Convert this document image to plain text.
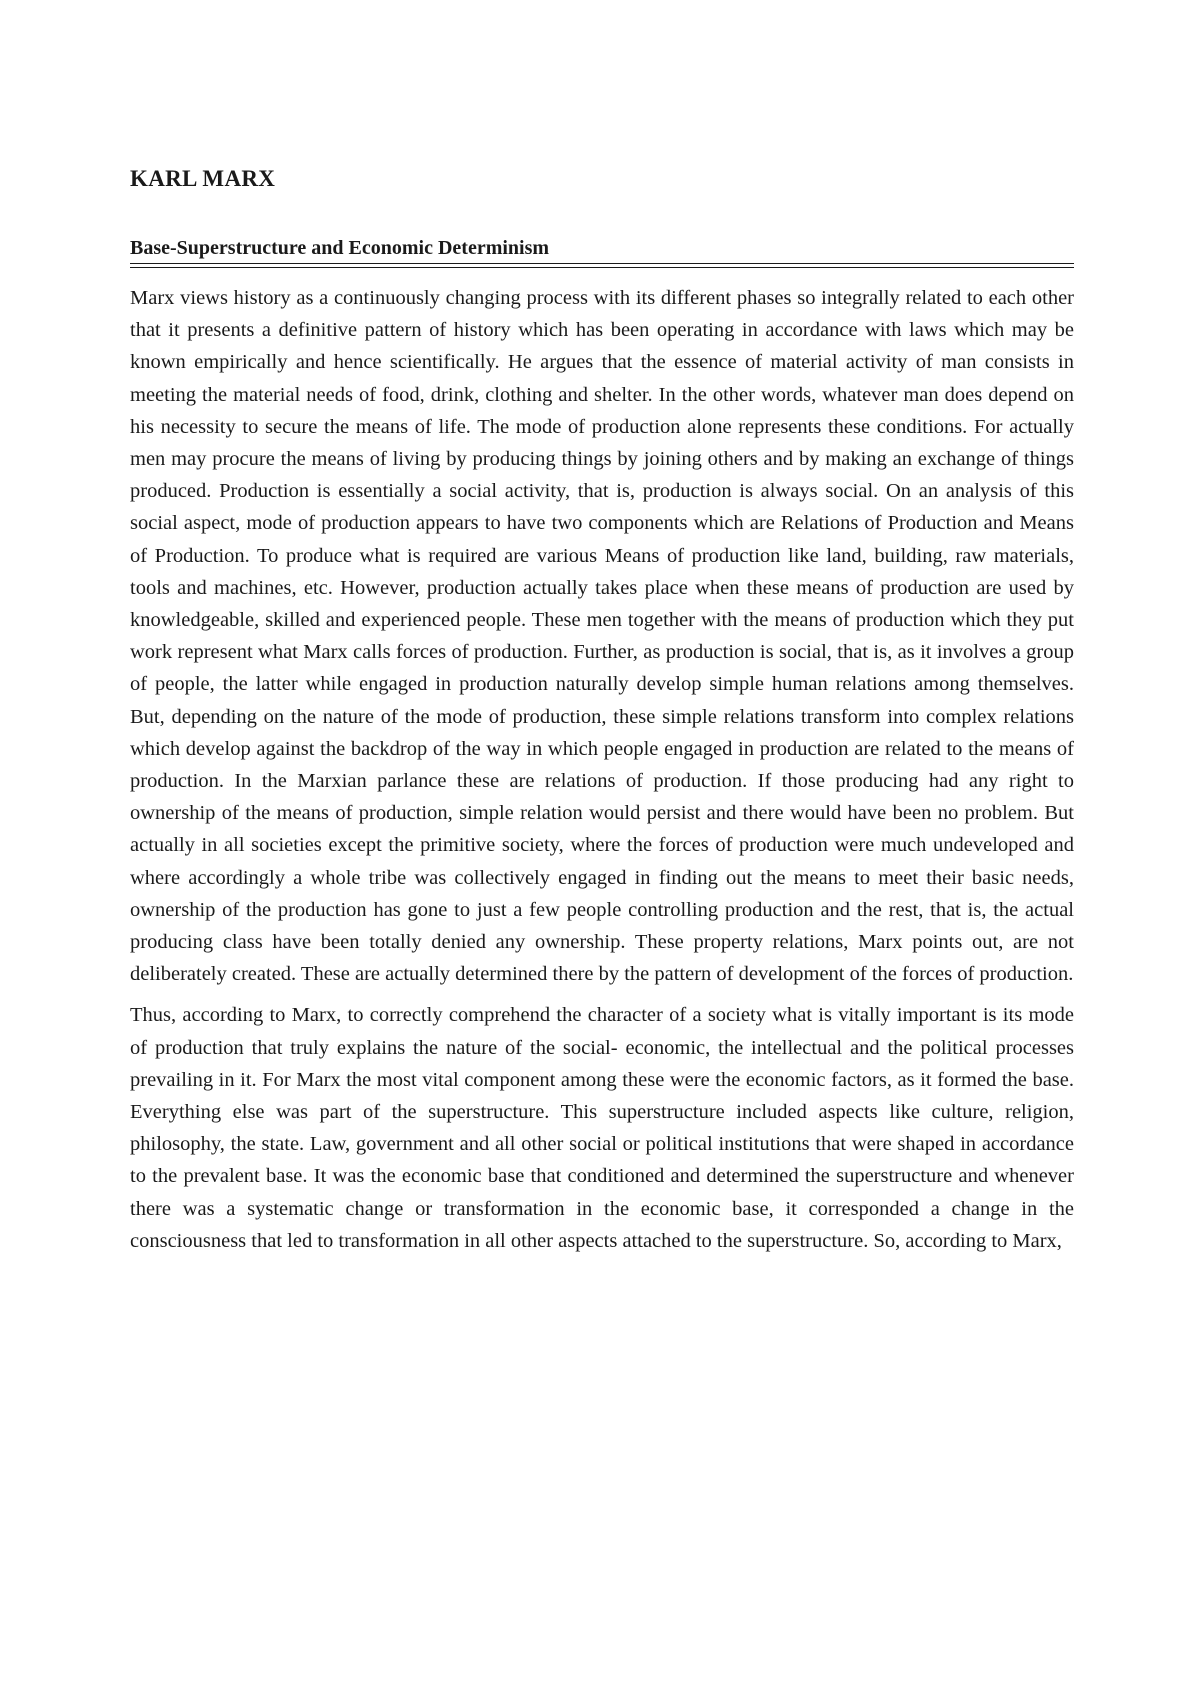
KARL MARX
Base-Superstructure and Economic Determinism

Marx views history as a continuously changing process with its different phases so integrally related to each other that it presents a definitive pattern of history which has been operating in accordance with laws which may be known empirically and hence scientifically. He argues that the essence of material activity of man consists in meeting the material needs of food, drink, clothing and shelter. In the other words, whatever man does depend on his necessity to secure the means of life. The mode of production alone represents these conditions. For actually men may procure the means of living by producing things by joining others and by making an exchange of things produced. Production is essentially a social activity, that is, production is always social. On an analysis of this social aspect, mode of production appears to have two components which are Relations of Production and Means of Production. To produce what is required are various Means of production like land, building, raw materials, tools and machines, etc. However, production actually takes place when these means of production are used by knowledgeable, skilled and experienced people. These men together with the means of production which they put work represent what Marx calls forces of production. Further, as production is social, that is, as it involves a group of people, the latter while engaged in production naturally develop simple human relations among themselves. But, depending on the nature of the mode of production, these simple relations transform into complex relations which develop against the backdrop of the way in which people engaged in production are related to the means of production. In the Marxian parlance these are relations of production. If those producing had any right to ownership of the means of production, simple relation would persist and there would have been no problem. But actually in all societies except the primitive society, where the forces of production were much undeveloped and where accordingly a whole tribe was collectively engaged in finding out the means to meet their basic needs, ownership of the production has gone to just a few people controlling production and the rest, that is, the actual producing class have been totally denied any ownership. These property relations, Marx points out, are not deliberately created. These are actually determined there by the pattern of development of the forces of production.

Thus, according to Marx, to correctly comprehend the character of a society what is vitally important is its mode of production that truly explains the nature of the social- economic, the intellectual and the political processes prevailing in it. For Marx the most vital component among these were the economic factors, as it formed the base. Everything else was part of the superstructure. This superstructure included aspects like culture, religion, philosophy, the state. Law, government and all other social or political institutions that were shaped in accordance to the prevalent base. It was the economic base that conditioned and determined the superstructure and whenever there was a systematic change or transformation in the economic base, it corresponded a change in the consciousness that led to transformation in all other aspects attached to the superstructure. So, according to Marx,
